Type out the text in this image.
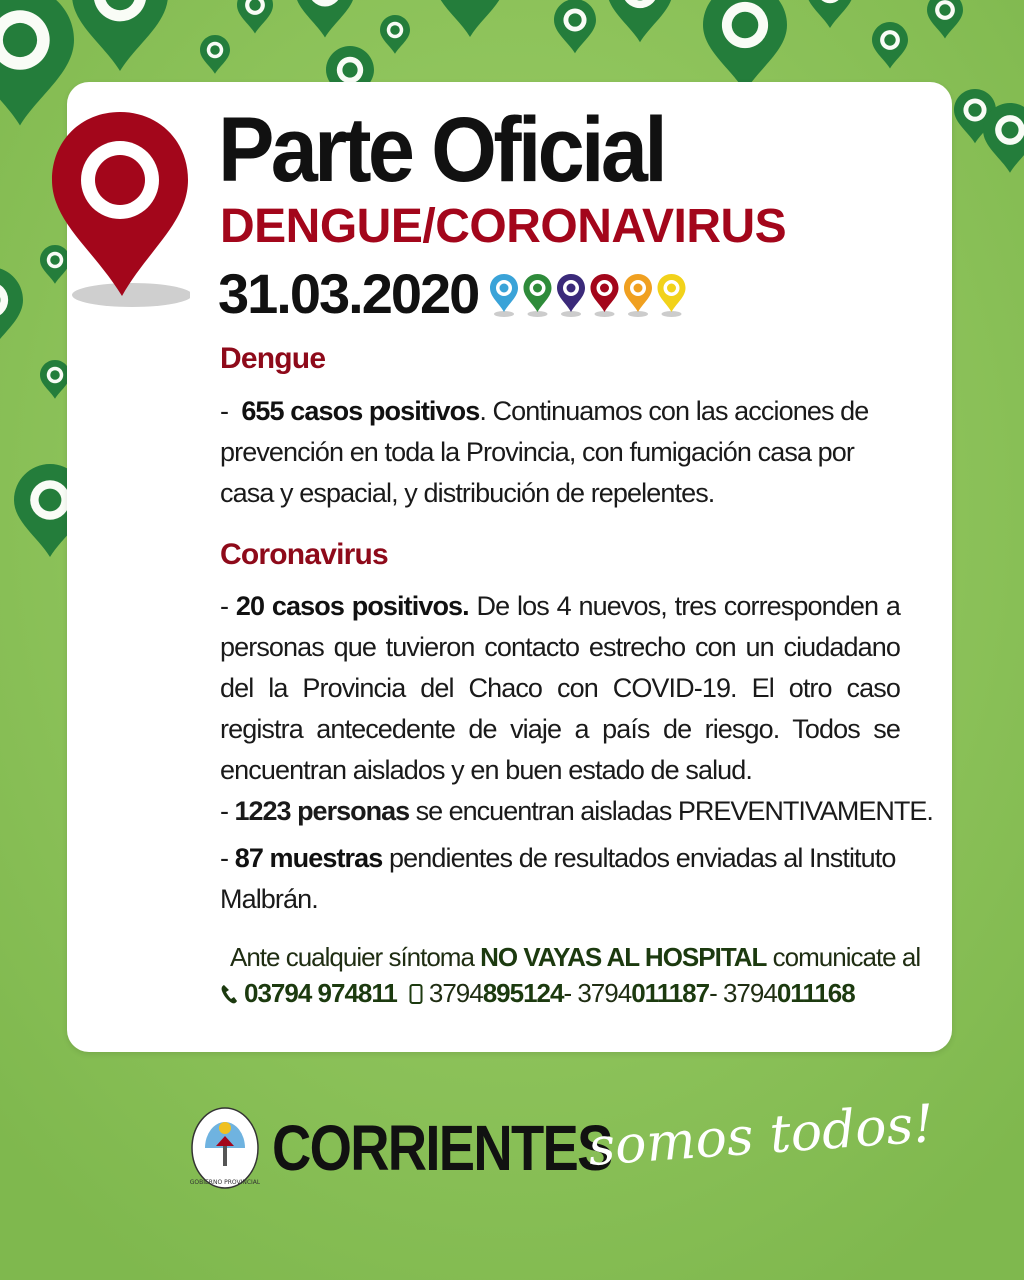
Parte Oficial
DENGUE/CORONAVIRUS
31.03.2020
Dengue

-  655 casos positivos. Continuamos con las acciones de prevención en toda la Provincia, con fumigación casa por casa y espacial, y distribución de repelentes.

Coronavirus

- 20 casos positivos. De los 4 nuevos, tres corresponden a personas que tuvieron contacto estrecho con un ciudadano del la Provincia del Chaco con COVID-19. El otro caso registra antecedente de viaje a país de riesgo. Todos se encuentran aislados y en buen estado de salud.

- 1223 personas se encuentran aisladas PREVENTIVAMENTE.

- 87 muestras pendientes de resultados enviadas al Instituto Malbrán.

Ante cualquier síntoma NO VAYAS AL HOSPITAL comunicate al
03794 974811 3794 895124 - 3794 011187 - 3794 011168
GOBIERNO PROVINCIAL CORRIENTES
somos todos!
